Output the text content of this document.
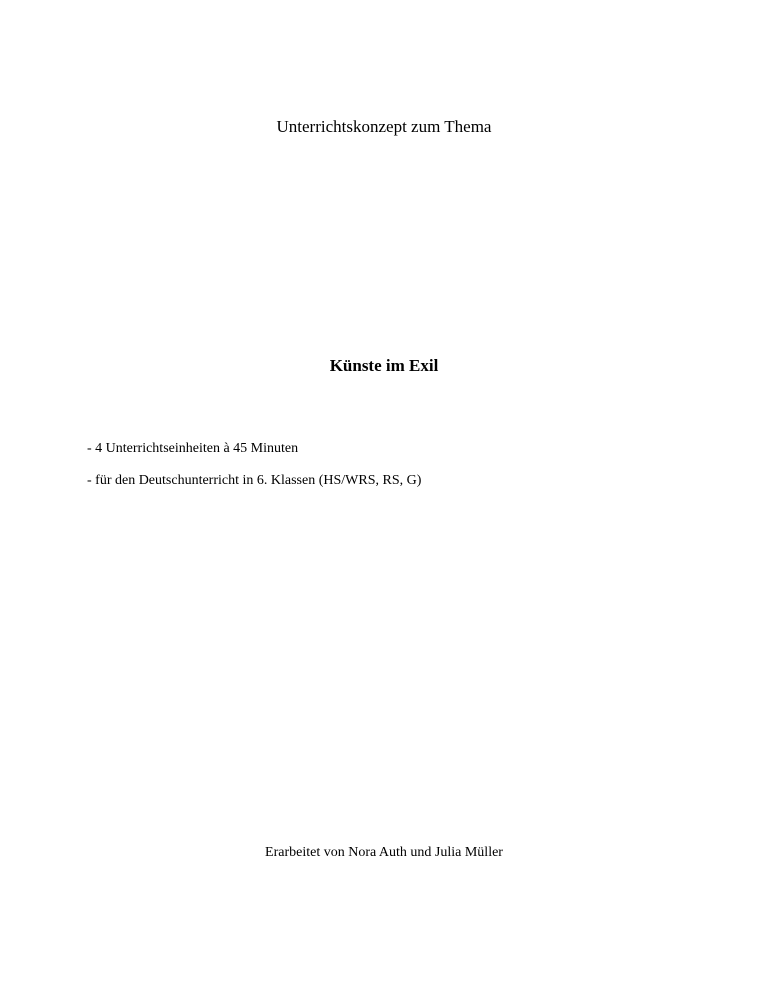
Unterrichtskonzept zum Thema
Künste im Exil
- 4 Unterrichtseinheiten à 45 Minuten
- für den Deutschunterricht in 6. Klassen (HS/WRS, RS, G)
Erarbeitet von Nora Auth und Julia Müller
